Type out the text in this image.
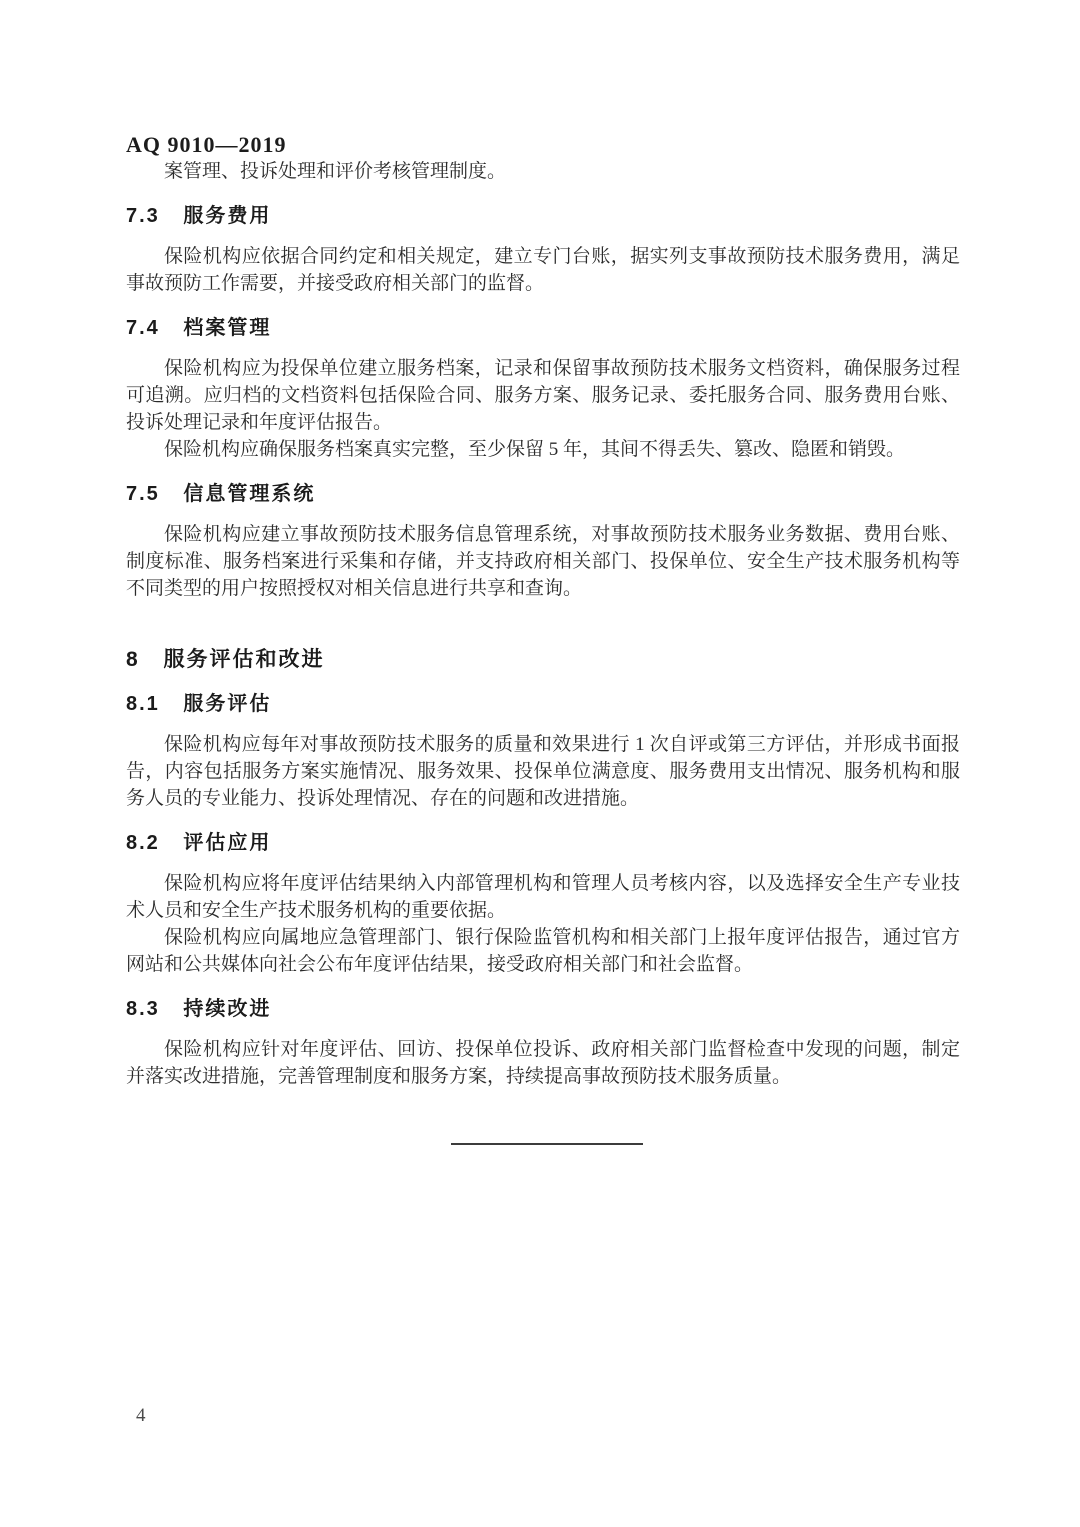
AQ 9010—2019

案管理、投诉处理和评价考核管理制度。

7.3 服务费用

保险机构应依据合同约定和相关规定，建立专门台账，据实列支事故预防技术服务费用，满足事故预防工作需要，并接受政府相关部门的监督。

7.4 档案管理

保险机构应为投保单位建立服务档案，记录和保留事故预防技术服务文档资料，确保服务过程可追溯。应归档的文档资料包括保险合同、服务方案、服务记录、委托服务合同、服务费用台账、投诉处理记录和年度评估报告。

保险机构应确保服务档案真实完整，至少保留 5 年，其间不得丢失、篡改、隐匿和销毁。

7.5 信息管理系统

保险机构应建立事故预防技术服务信息管理系统，对事故预防技术服务业务数据、费用台账、制度标准、服务档案进行采集和存储，并支持政府相关部门、投保单位、安全生产技术服务机构等不同类型的用户按照授权对相关信息进行共享和查询。

8 服务评估和改进
8.1 服务评估

保险机构应每年对事故预防技术服务的质量和效果进行 1 次自评或第三方评估，并形成书面报告，内容包括服务方案实施情况、服务效果、投保单位满意度、服务费用支出情况、服务机构和服务人员的专业能力、投诉处理情况、存在的问题和改进措施。

8.2 评估应用

保险机构应将年度评估结果纳入内部管理机构和管理人员考核内容，以及选择安全生产专业技术人员和安全生产技术服务机构的重要依据。

保险机构应向属地应急管理部门、银行保险监管机构和相关部门上报年度评估报告，通过官方网站和公共媒体向社会公布年度评估结果，接受政府相关部门和社会监督。

8.3 持续改进

保险机构应针对年度评估、回访、投保单位投诉、政府相关部门监督检查中发现的问题，制定并落实改进措施，完善管理制度和服务方案，持续提高事故预防技术服务质量。

4
